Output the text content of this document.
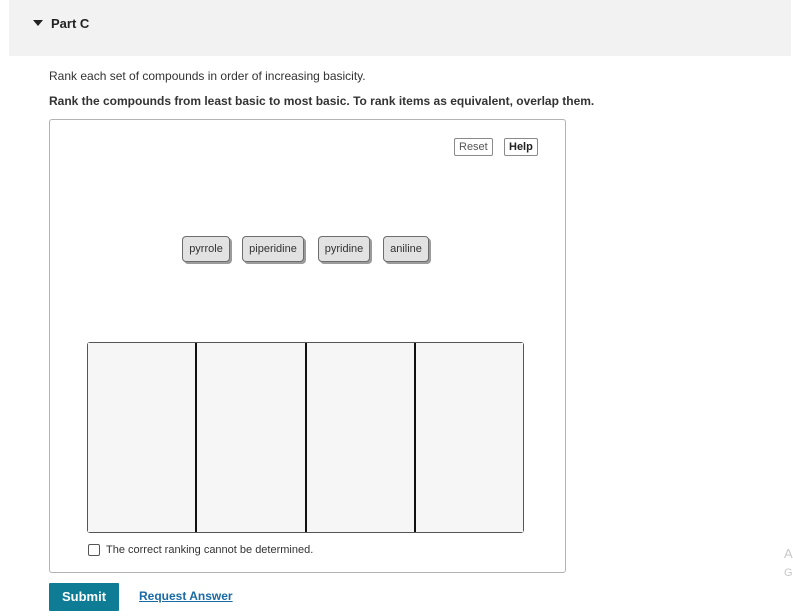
Part C
Rank each set of compounds in order of increasing basicity.
Rank the compounds from least basic to most basic. To rank items as equivalent, overlap them.
Reset	Help
pyrrole	piperidine	pyridine	aniline
The correct ranking cannot be determined.
Submit	Request Answer
A
G
